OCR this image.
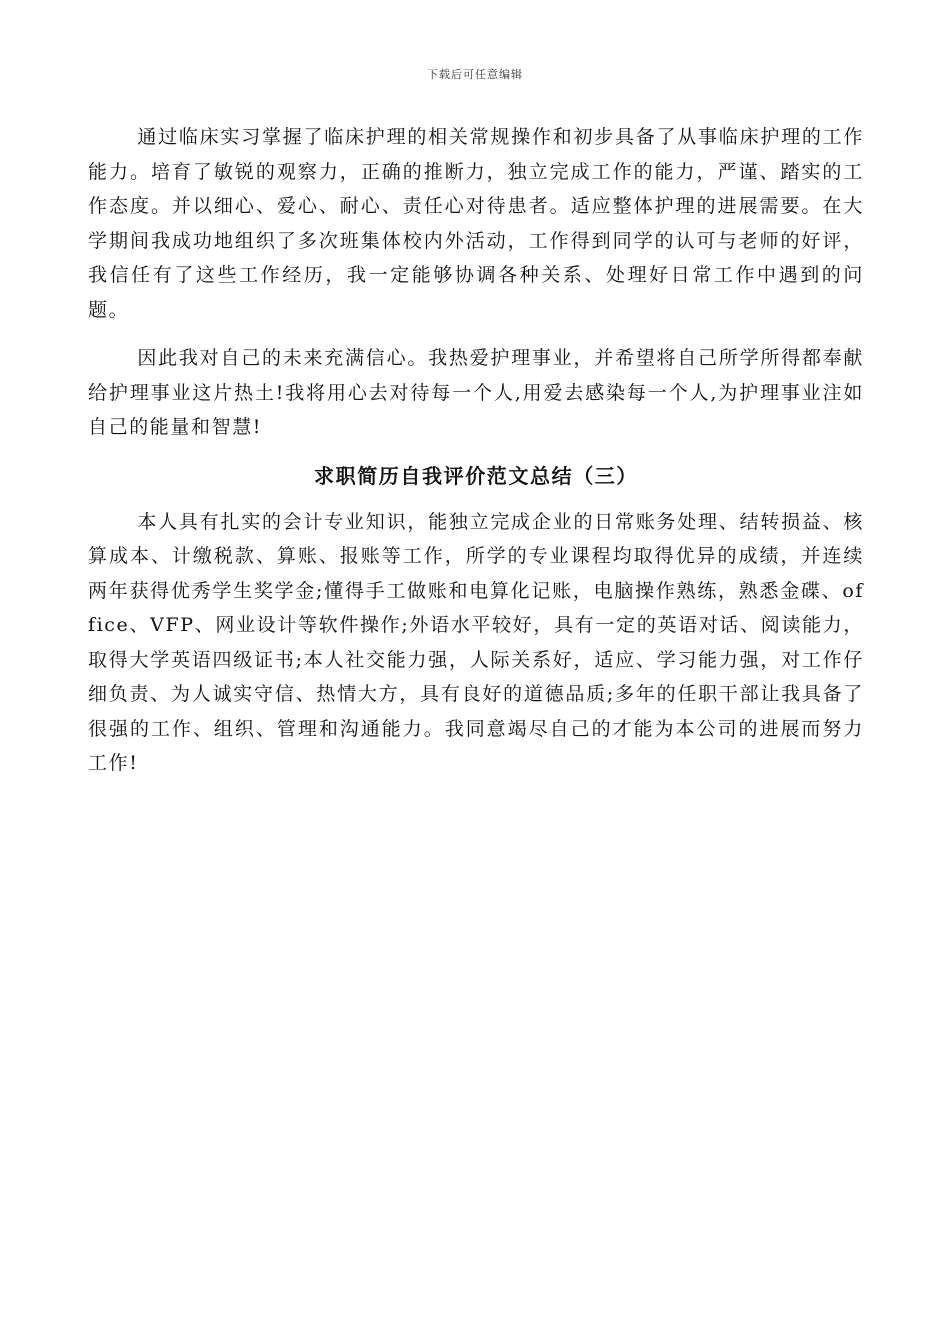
下载后可任意编辑

通过临床实习掌握了临床护理的相关常规操作和初步具备了从事临床护理的工作能力。培育了敏锐的观察力，正确的推断力，独立完成工作的能力，严谨、踏实的工作态度。并以细心、爱心、耐心、责任心对待患者。适应整体护理的进展需要。在大学期间我成功地组织了多次班集体校内外活动，工作得到同学的认可与老师的好评，我信任有了这些工作经历，我一定能够协调各种关系、处理好日常工作中遇到的问题。

因此我对自己的未来充满信心。我热爱护理事业，并希望将自己所学所得都奉献给护理事业这片热土!我将用心去对待每一个人,用爱去感染每一个人,为护理事业注如自己的能量和智慧!

求职简历自我评价范文总结（三）

本人具有扎实的会计专业知识，能独立完成企业的日常账务处理、结转损益、核算成本、计缴税款、算账、报账等工作，所学的专业课程均取得优异的成绩，并连续两年获得优秀学生奖学金;懂得手工做账和电算化记账，电脑操作熟练，熟悉金碟、office、VFP、网业设计等软件操作;外语水平较好，具有一定的英语对话、阅读能力，取得大学英语四级证书;本人社交能力强，人际关系好，适应、学习能力强，对工作仔细负责、为人诚实守信、热情大方，具有良好的道德品质;多年的任职干部让我具备了很强的工作、组织、管理和沟通能力。我同意竭尽自己的才能为本公司的进展而努力工作!
